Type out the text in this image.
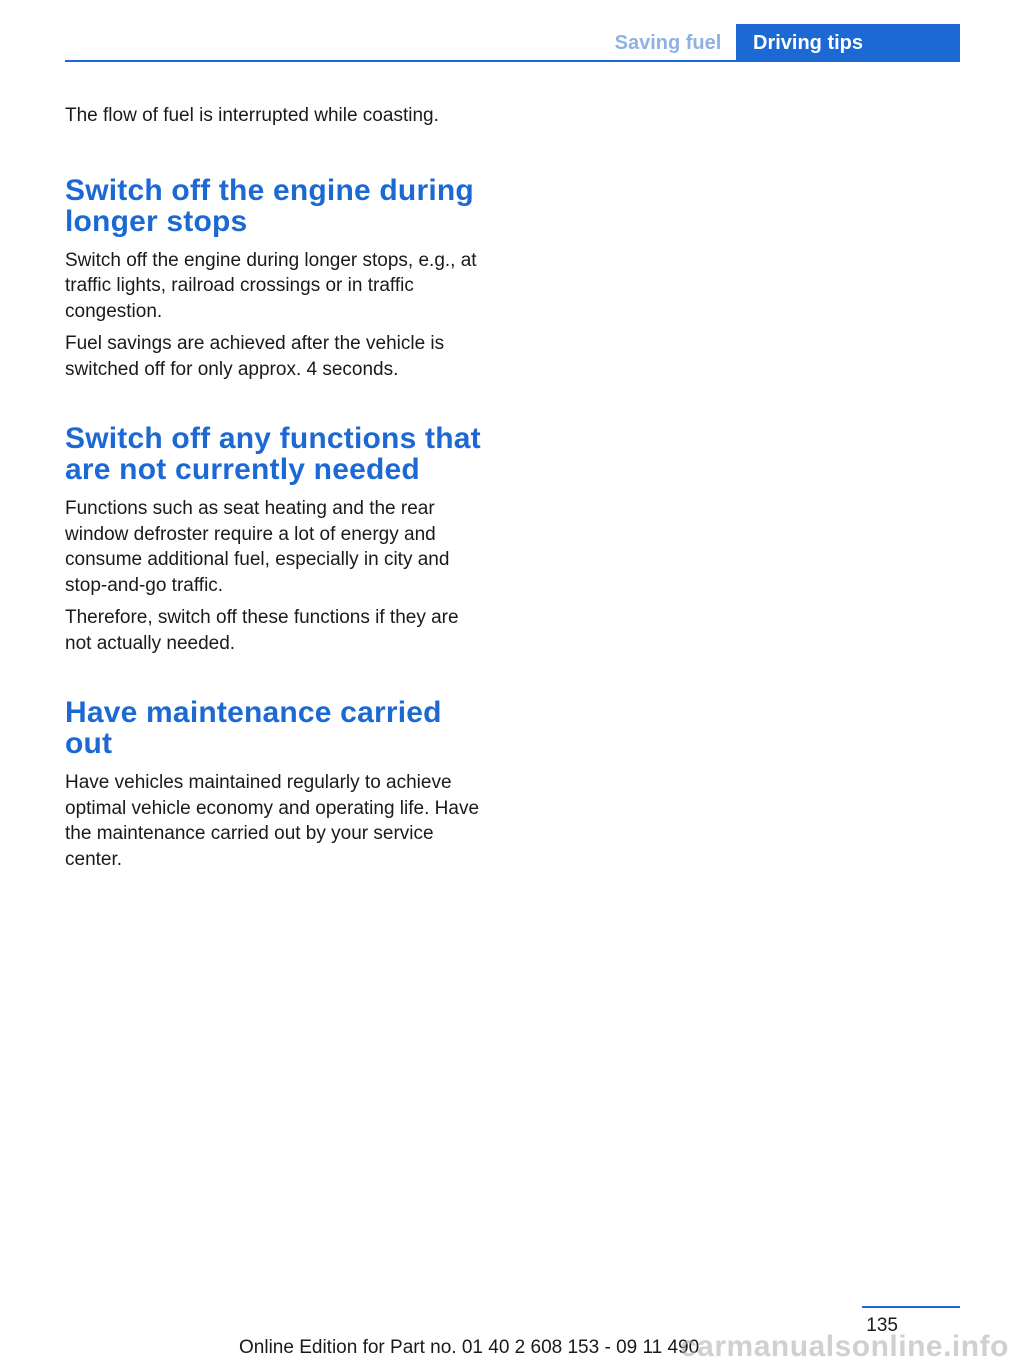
Saving fuel	Driving tips

The flow of fuel is interrupted while coasting.

Switch off the engine during
longer stops

Switch off the engine during longer stops, e.g., at traffic lights, railroad crossings or in traffic congestion.

Fuel savings are achieved after the vehicle is switched off for only approx. 4 seconds.

Switch off any functions that
are not currently needed

Functions such as seat heating and the rear window defroster require a lot of energy and consume additional fuel, especially in city and stop-and-go traffic.

Therefore, switch off these functions if they are not actually needed.

Have maintenance carried out

Have vehicles maintained regularly to achieve optimal vehicle economy and operating life. Have the maintenance carried out by your service center.

135
Online Edition for Part no. 01 40 2 608 153 - 09 11 490
carmanualsonline.info
